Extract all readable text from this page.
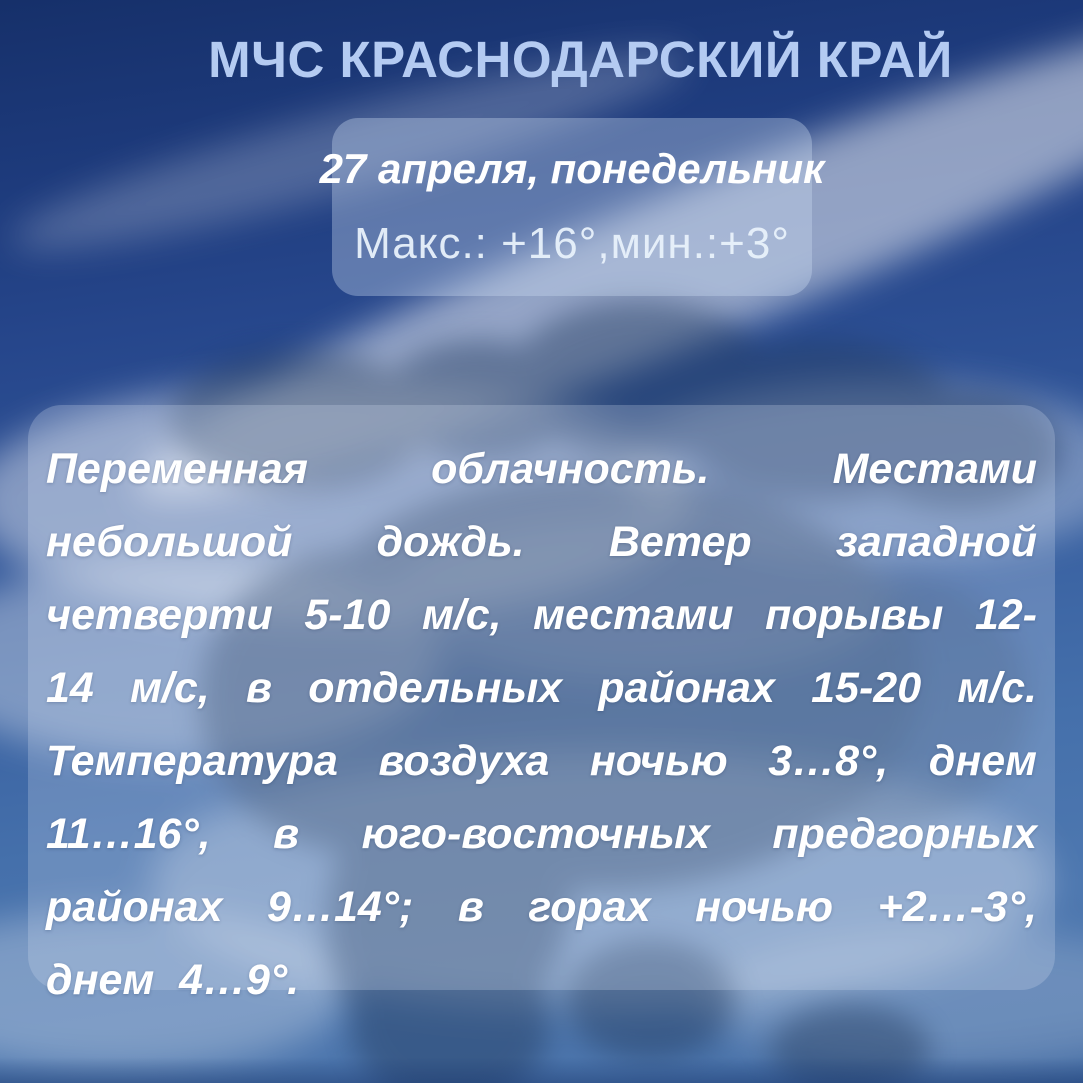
МЧС КРАСНОДАРСКИЙ КРАЙ
27 апреля, понедельник
Макс.: +16°,мин.:+3°

Переменная облачность. Местами небольшой дождь. Ветер западной четверти 5-10 м/с, местами порывы 12-14 м/с, в отдельных районах 15-20 м/с. Температура воздуха ночью 3…8°, днем 11…16°, в юго-восточных предгорных районах 9…14°; в горах ночью +2…-3°, днем 4…9°.
